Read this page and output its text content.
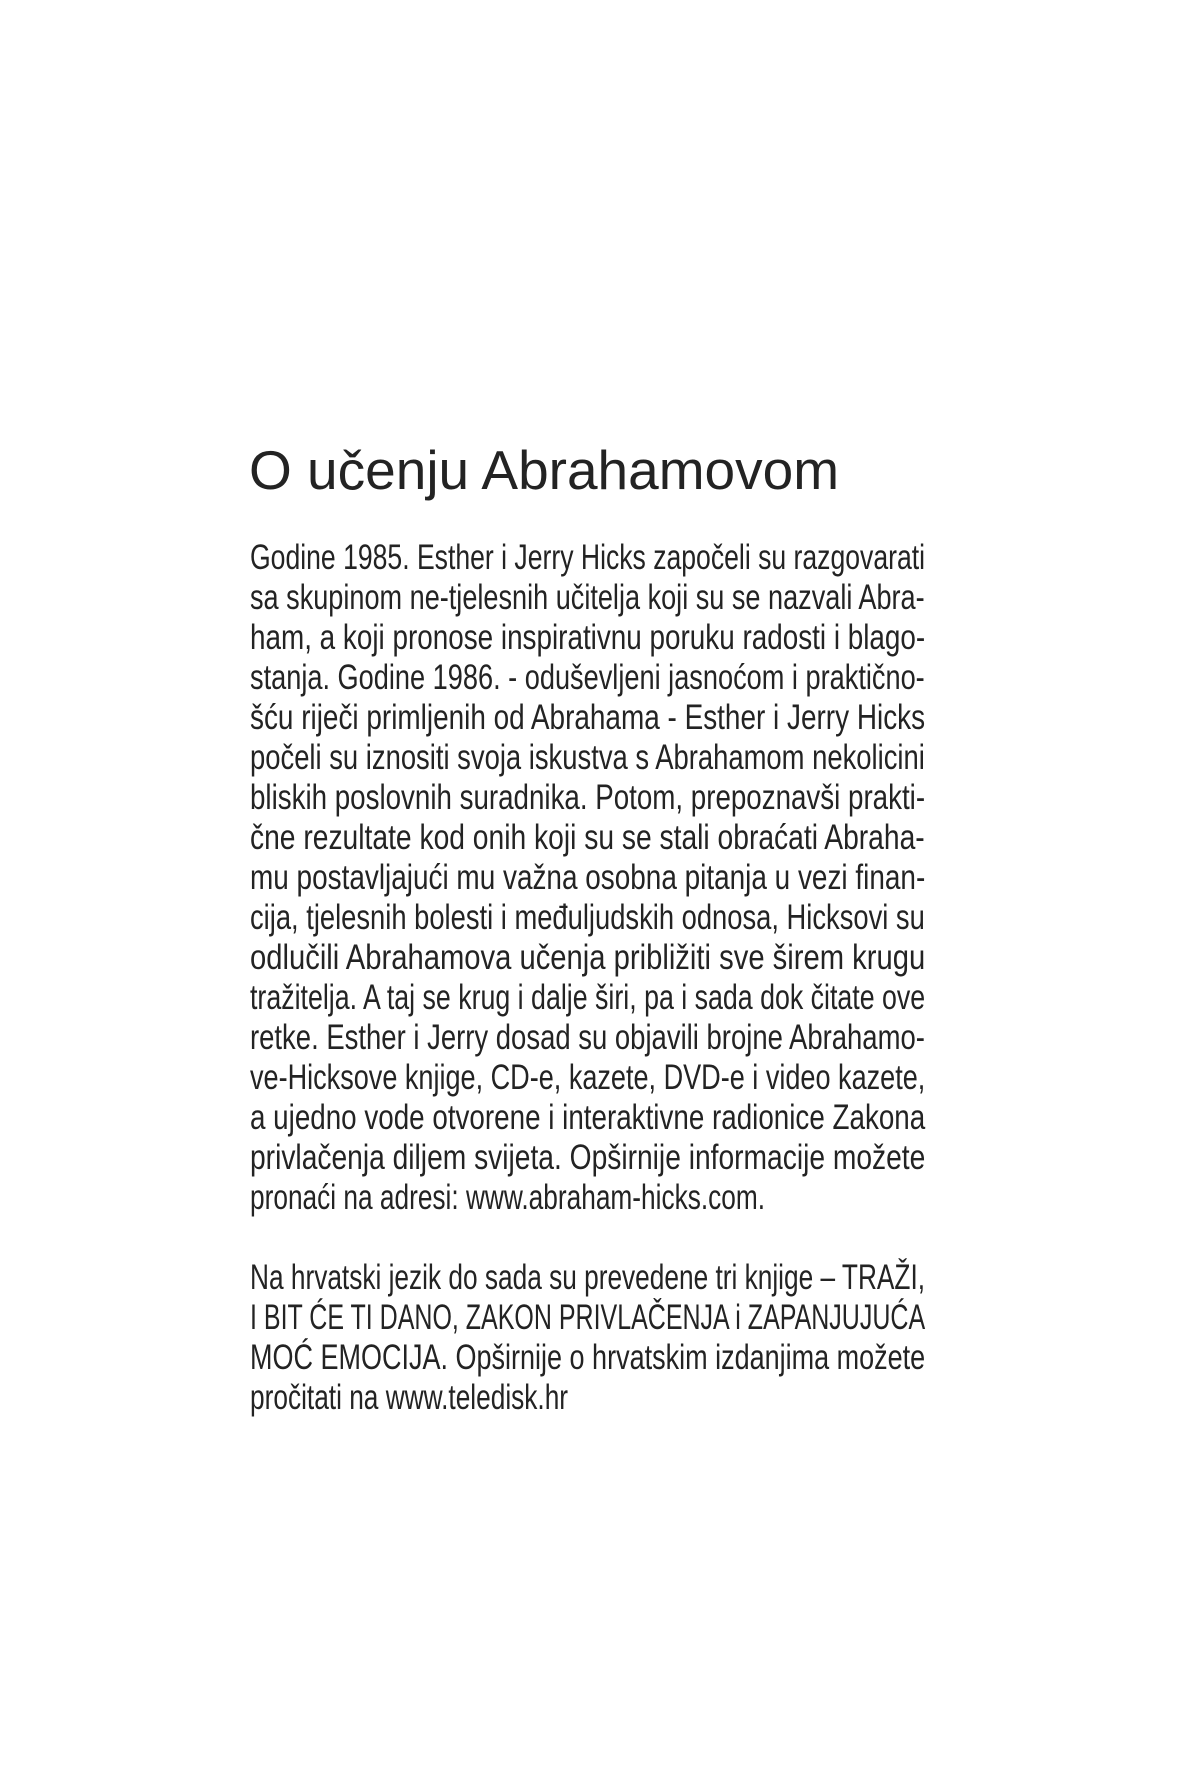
O učenju Abrahamovom
Godine 1985. Esther i Jerry Hicks započeli su razgovarati
sa skupinom ne-tjelesnih učitelja koji su se nazvali Abra-
ham, a koji pronose inspirativnu poruku radosti i blago-
stanja. Godine 1986. - oduševljeni jasnoćom i praktično-
šću riječi primljenih od Abrahama - Esther i Jerry Hicks
počeli su iznositi svoja iskustva s Abrahamom nekolicini
bliskih poslovnih suradnika. Potom, prepoznavši prakti-
čne rezultate kod onih koji su se stali obraćati Abraha-
mu postavljajući mu važna osobna pitanja u vezi finan-
cija, tjelesnih bolesti i međuljudskih odnosa, Hicksovi su
odlučili Abrahamova učenja približiti sve širem krugu
tražitelja. A taj se krug i dalje širi, pa i sada dok čitate ove
retke. Esther i Jerry dosad su objavili brojne Abrahamo-
ve-Hicksove knjige, CD-e, kazete, DVD-e i video kazete,
a ujedno vode otvorene i interaktivne radionice Zakona
privlačenja diljem svijeta. Opširnije informacije možete
pronaći na adresi: www.abraham-hicks.com.
Na hrvatski jezik do sada su prevedene tri knjige – TRAŽI,
I BIT ĆE TI DANO, ZAKON PRIVLAČENJA i ZAPANJUJUĆA
MOĆ EMOCIJA. Opširnije o hrvatskim izdanjima možete
pročitati na www.teledisk.hr
